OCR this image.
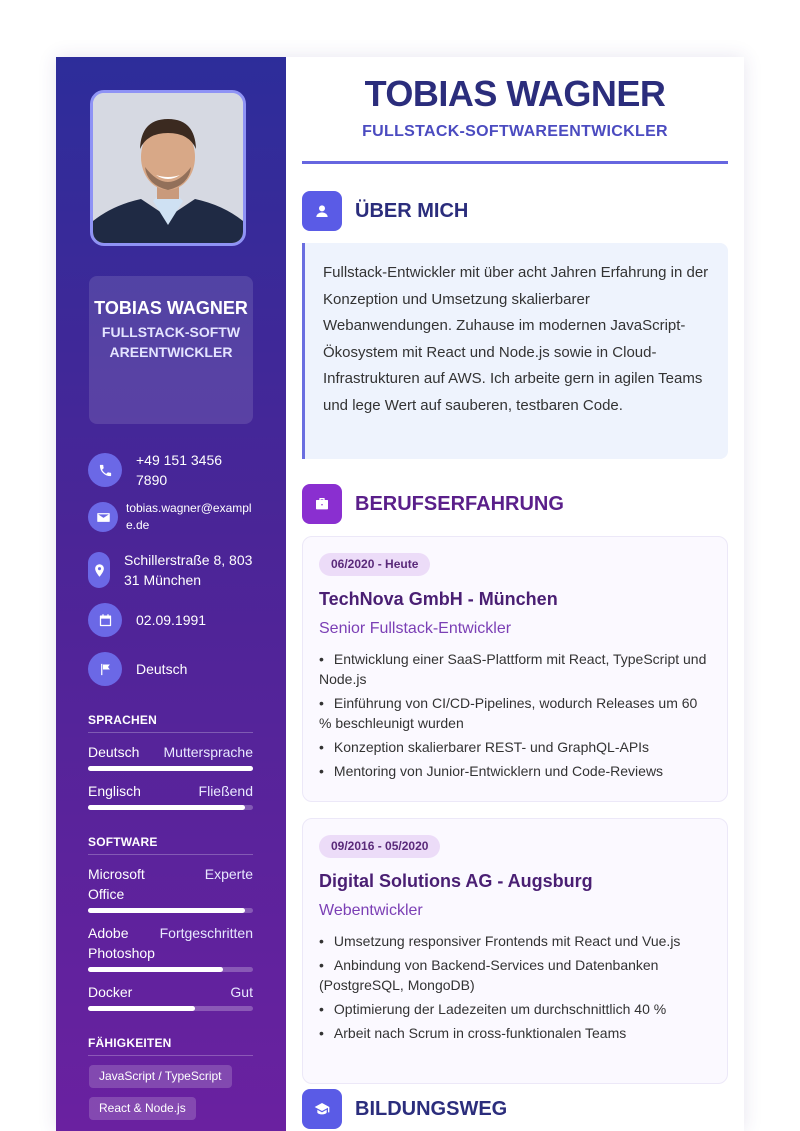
TOBIAS WAGNER
FULLSTACK-SOFTWAREENTWICKLER
+49 151 34567890
tobias.wagner@example.de
Schillerstraße 8, 80331 München
02.09.1991
Deutsch
SPRACHEN
Deutsch Muttersprache
Englisch	Fließend
SOFTWARE
Microsoft Office
Experte
Adobe Photoshop
Fortgeschritten
Docker	Gut
FÄHIGKEITEN
JavaScript / TypeScript
React & Node.js
TOBIAS WAGNER
FULLSTACK-SOFTWAREENTWICKLER
ÜBER MICH
Fullstack-Entwickler mit über acht Jahren Erfahrung in der Konzeption und Umsetzung skalierbarer Webanwendungen. Zuhause im modernen JavaScript-Ökosystem mit React und Node.js sowie in Cloud-Infrastrukturen auf AWS. Ich arbeite gern in agilen Teams und lege Wert auf sauberen, testbaren Code.
BERUFSERFAHRUNG
06/2020 - Heute
TechNova GmbH - München
Senior Fullstack-Entwickler
• Entwicklung einer SaaS-Plattform mit React, TypeScript und Node.js
• Einführung von CI/CD-Pipelines, wodurch Releases um 60 % beschleunigt wurden
• Konzeption skalierbarer REST- und GraphQL-APIs
• Mentoring von Junior-Entwicklern und Code-Reviews
09/2016 - 05/2020
Digital Solutions AG - Augsburg
Webentwickler
• Umsetzung responsiver Frontends mit React und Vue.js
• Anbindung von Backend-Services und Datenbanken (PostgreSQL, MongoDB)
• Optimierung der Ladezeiten um durchschnittlich 40 %
• Arbeit nach Scrum in cross-funktionalen Teams
BILDUNGSWEG
